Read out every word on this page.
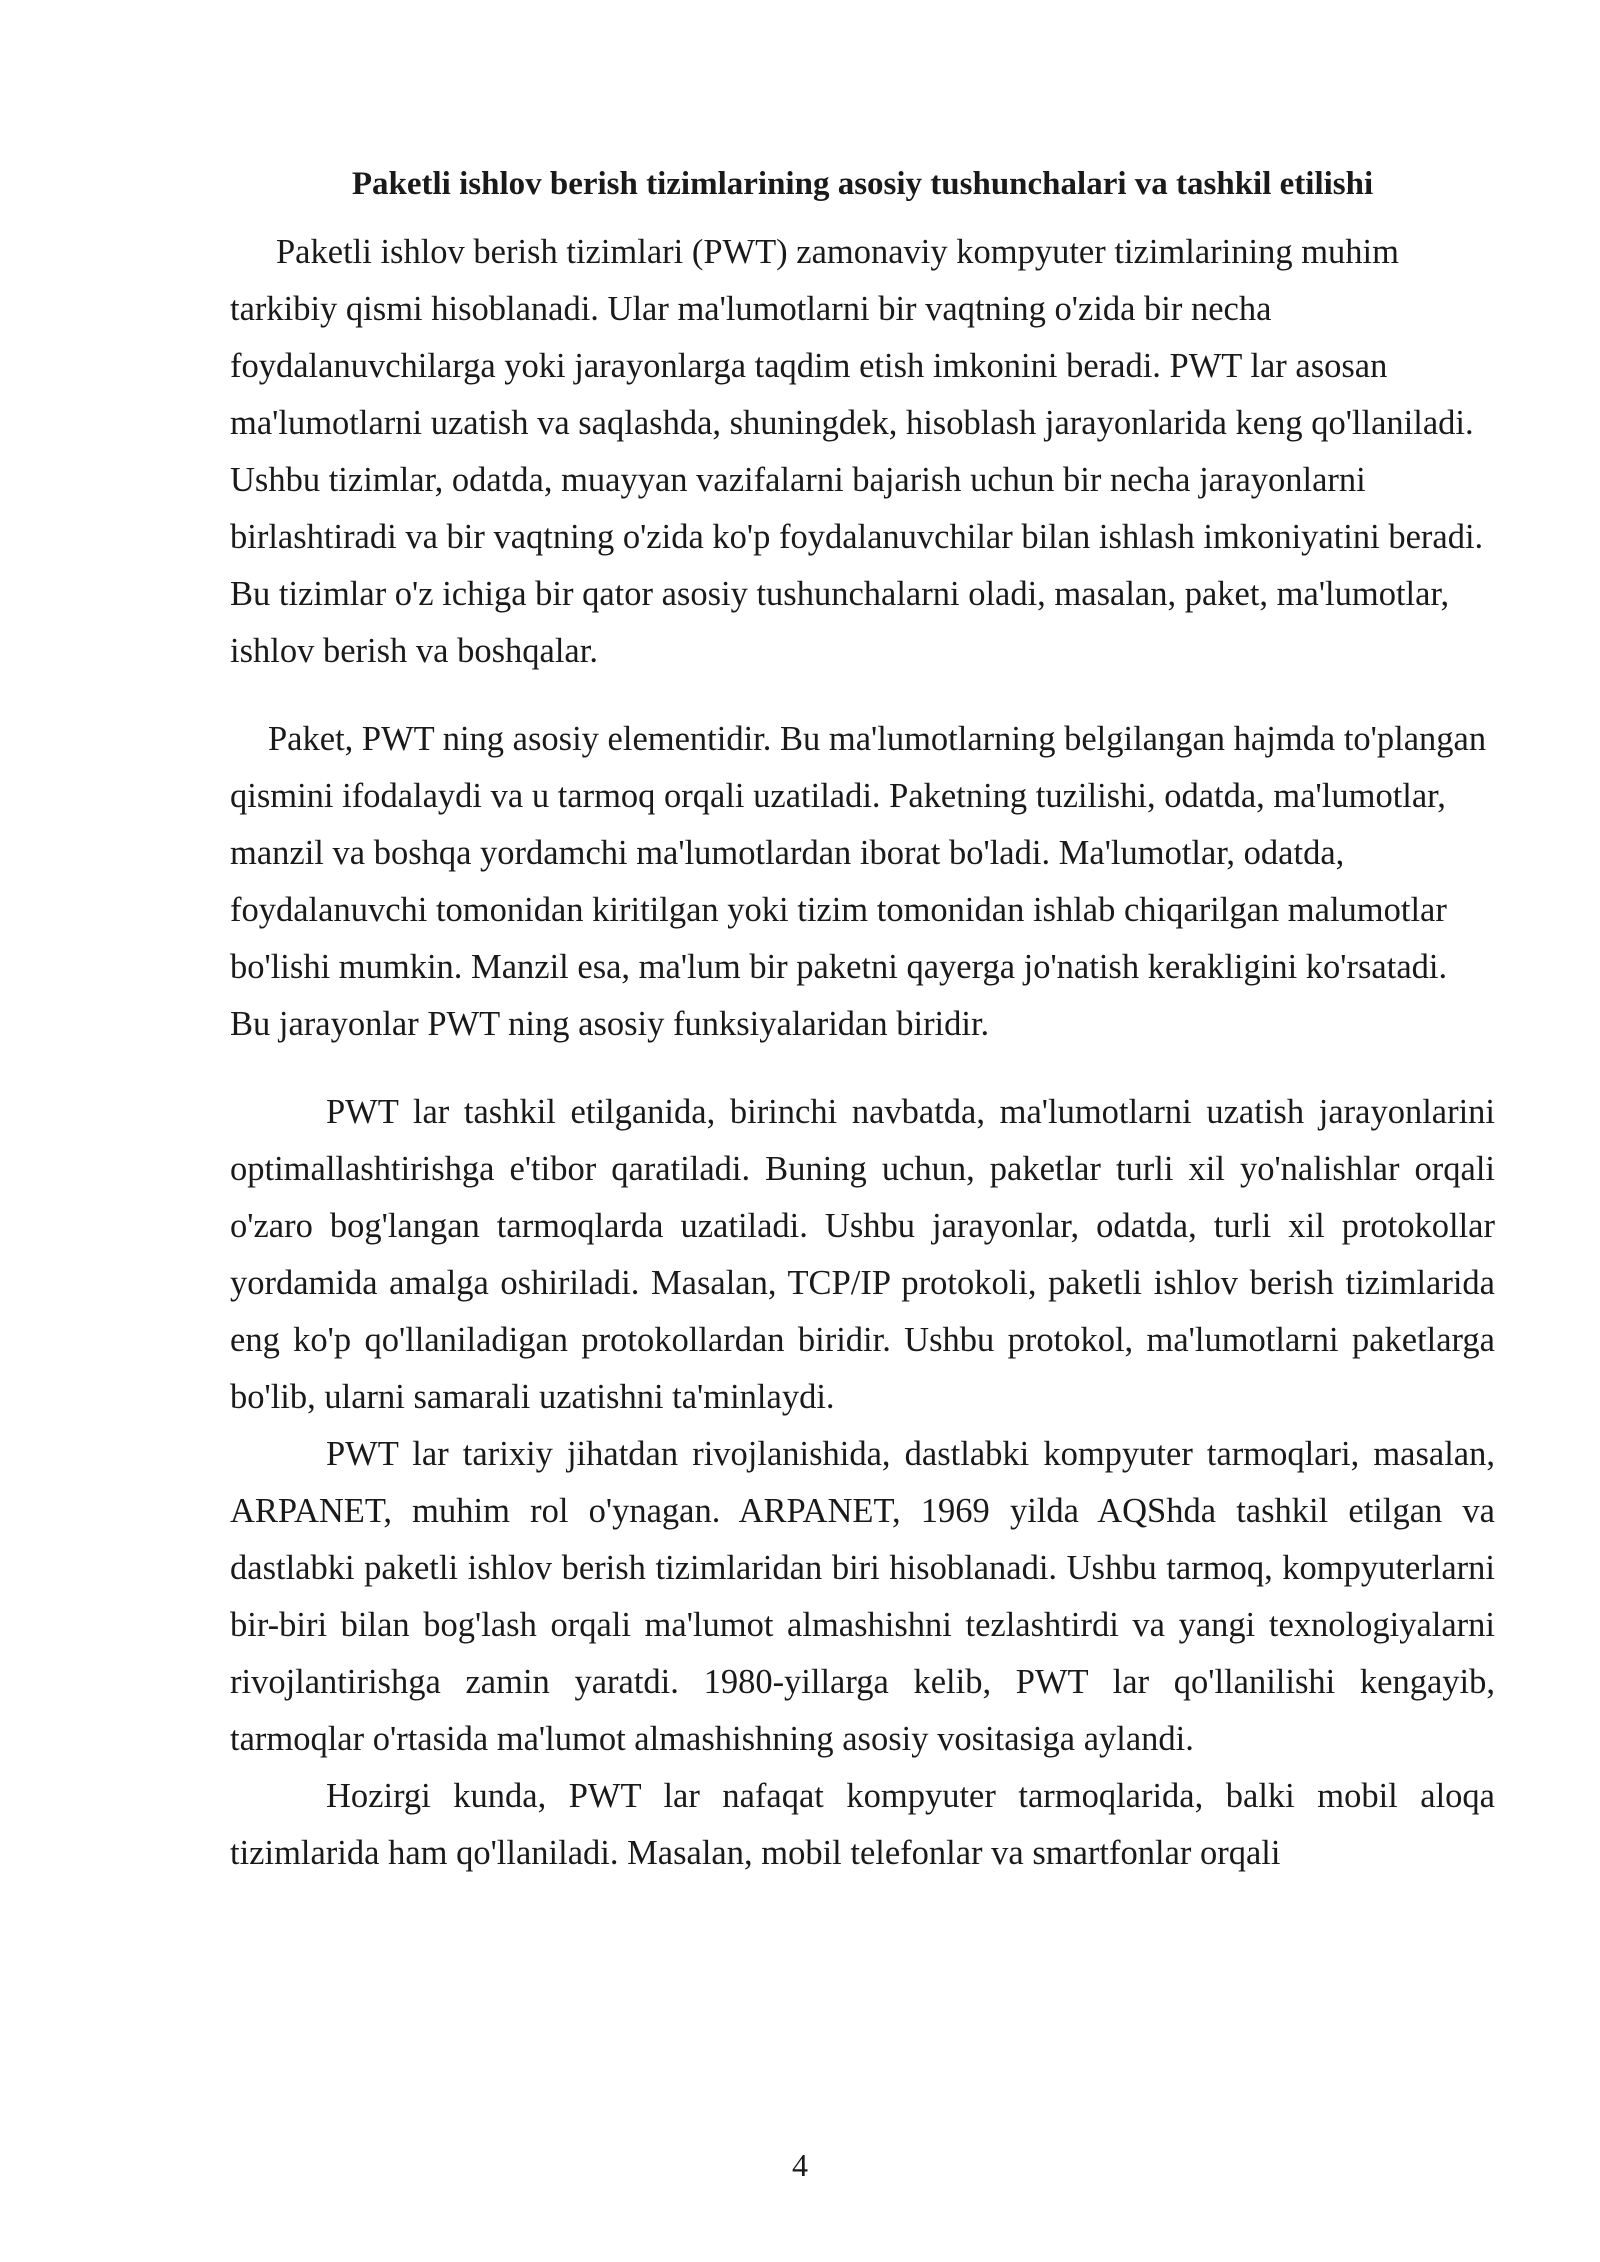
Paketli ishlov berish tizimlarining asosiy tushunchalari va tashkil etilishi

Paketli ishlov berish tizimlari (PWT) zamonaviy kompyuter tizimlarining muhim tarkibiy qismi hisoblanadi. Ular ma'lumotlarni bir vaqtning o'zida bir necha foydalanuvchilarga yoki jarayonlarga taqdim etish imkonini beradi. PWT lar asosan ma'lumotlarni uzatish va saqlashda, shuningdek, hisoblash jarayonlarida keng qo'llaniladi. Ushbu tizimlar, odatda, muayyan vazifalarni bajarish uchun bir necha jarayonlarni birlashtiradi va bir vaqtning o'zida ko'p foydalanuvchilar bilan ishlash imkoniyatini beradi. Bu tizimlar o'z ichiga bir qator asosiy tushunchalarni oladi, masalan, paket, ma'lumotlar, ishlov berish va boshqalar.

Paket, PWT ning asosiy elementidir. Bu ma'lumotlarning belgilangan hajmda to'plangan qismini ifodalaydi va u tarmoq orqali uzatiladi. Paketning tuzilishi, odatda, ma'lumotlar, manzil va boshqa yordamchi ma'lumotlardan iborat bo'ladi. Ma'lumotlar, odatda, foydalanuvchi tomonidan kiritilgan yoki tizim tomonidan ishlab chiqarilgan malumotlar bo'lishi mumkin. Manzil esa, ma'lum bir paketni qayerga jo'natish kerakligini ko'rsatadi. Bu jarayonlar PWT ning asosiy funksiyalaridan biridir.

PWT lar tashkil etilganida, birinchi navbatda, ma'lumotlarni uzatish jarayonlarini optimallashtirishga e'tibor qaratiladi. Buning uchun, paketlar turli xil yo'nalishlar orqali o'zaro bog'langan tarmoqlarda uzatiladi. Ushbu jarayonlar, odatda, turli xil protokollar yordamida amalga oshiriladi. Masalan, TCP/IP protokoli, paketli ishlov berish tizimlarida eng ko'p qo'llaniladigan protokollardan biridir. Ushbu protokol, ma'lumotlarni paketlarga bo'lib, ularni samarali uzatishni ta'minlaydi.

PWT lar tarixiy jihatdan rivojlanishida, dastlabki kompyuter tarmoqlari, masalan, ARPANET, muhim rol o'ynagan. ARPANET, 1969 yilda AQShda tashkil etilgan va dastlabki paketli ishlov berish tizimlaridan biri hisoblanadi. Ushbu tarmoq, kompyuterlarni bir-biri bilan bog'lash orqali ma'lumot almashishni tezlashtirdi va yangi texnologiyalarni rivojlantirishga zamin yaratdi. 1980-yillarga kelib, PWT lar qo'llanilishi kengayib, tarmoqlar o'rtasida ma'lumot almashishning asosiy vositasiga aylandi.

Hozirgi kunda, PWT lar nafaqat kompyuter tarmoqlarida, balki mobil aloqa tizimlarida ham qo'llaniladi. Masalan, mobil telefonlar va smartfonlar orqali

4
